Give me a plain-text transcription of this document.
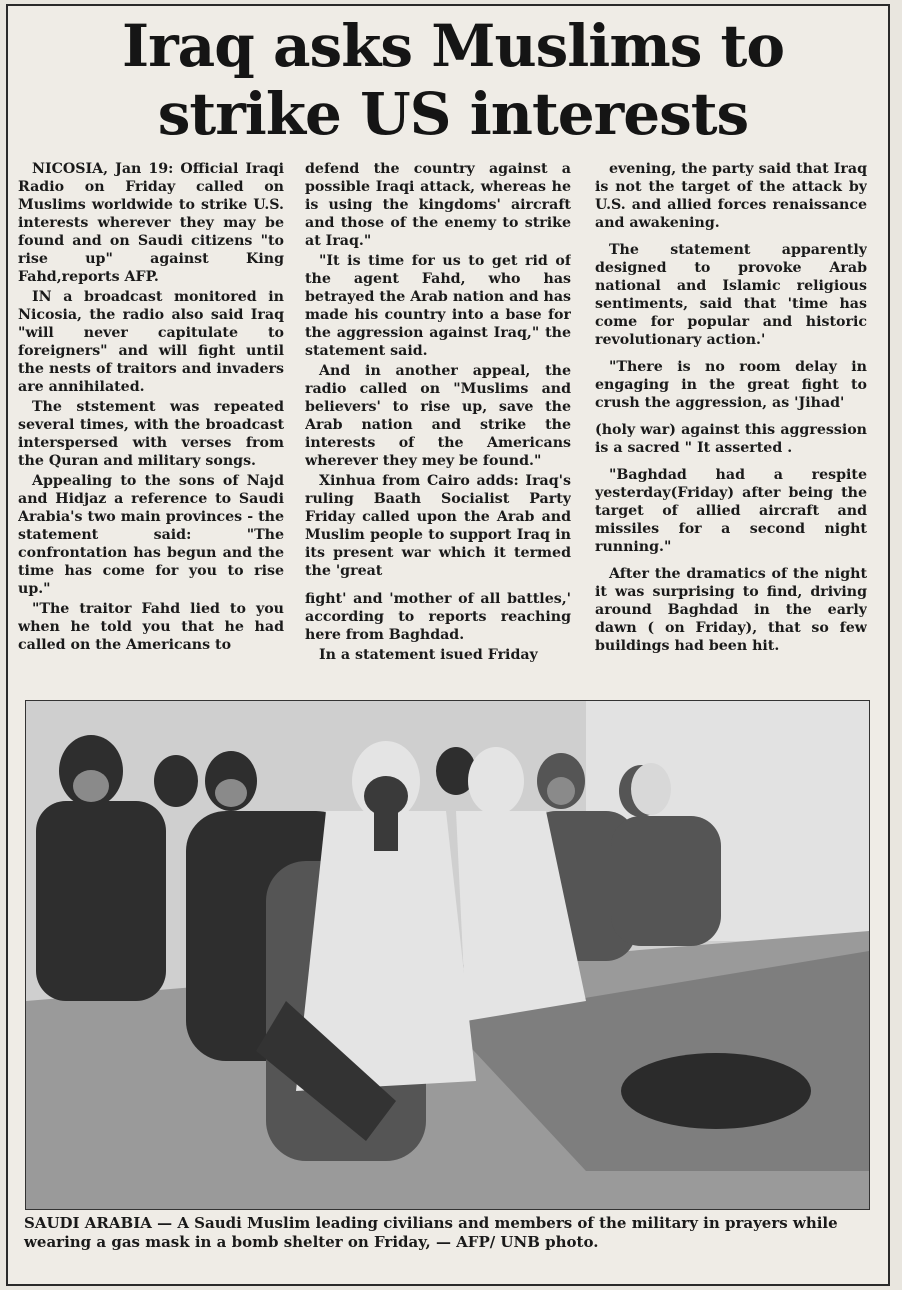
Iraq asks Muslims to
strike US interests

NICOSIA, Jan 19: Official Iraqi Radio on Friday called on Muslims worldwide to strike U.S. interests wherever they may be found and on Saudi citizens "to rise up" against King Fahd,reports AFP.

IN a broadcast monitored in Nicosia, the radio also said Iraq "will never capitulate to foreigners" and will fight until the nests of traitors and invaders are annihilated.

The ststement was repeated several times, with the broadcast interspersed with verses from the Quran and military songs.

Appealing to the sons of Najd and Hidjaz a reference to Saudi Arabia's two main provinces - the statement said: "The confrontation has begun and the time has come for you to rise up."

"The traitor Fahd lied to you when he told you that he had called on the Americans to

defend the country against a possible Iraqi attack, whereas he is using the kingdoms' aircraft and those of the enemy to strike at Iraq."

"It is time for us to get rid of the agent Fahd, who has betrayed the Arab nation and has made his country into a base for the aggression against Iraq," the statement said.

And in another appeal, the radio called on "Muslims and believers' to rise up, save the Arab nation and strike the interests of the Americans wherever they mey be found."

Xinhua from Cairo adds: Iraq's ruling Baath Socialist Party Friday called upon the Arab and Muslim people to support Iraq in its present war which it termed the 'great

fight' and 'mother of all battles,' according to reports reaching here from Baghdad.

In a statement isued Friday

evening, the party said that Iraq is not the target of the attack by U.S. and allied forces renaissance and awakening.

The statement apparently designed to provoke Arab national and Islamic religious sentiments, said that 'time has come for popular and historic revolutionary action.'

"There is no room delay in engaging in the great fight to crush the aggression, as 'Jihad'

(holy war) against this aggression is a sacred " It asserted .

"Baghdad had a respite yesterday(Friday) after being the target of allied aircraft and missiles for a second night running."

After the dramatics of the night it was surprising to find, driving around Baghdad in the early dawn ( on Friday), that so few buildings had been hit.

SAUDI ARABIA — A Saudi Muslim leading civilians and members of the military in prayers while wearing a gas mask in a bomb shelter on Friday, — AFP/ UNB photo.
